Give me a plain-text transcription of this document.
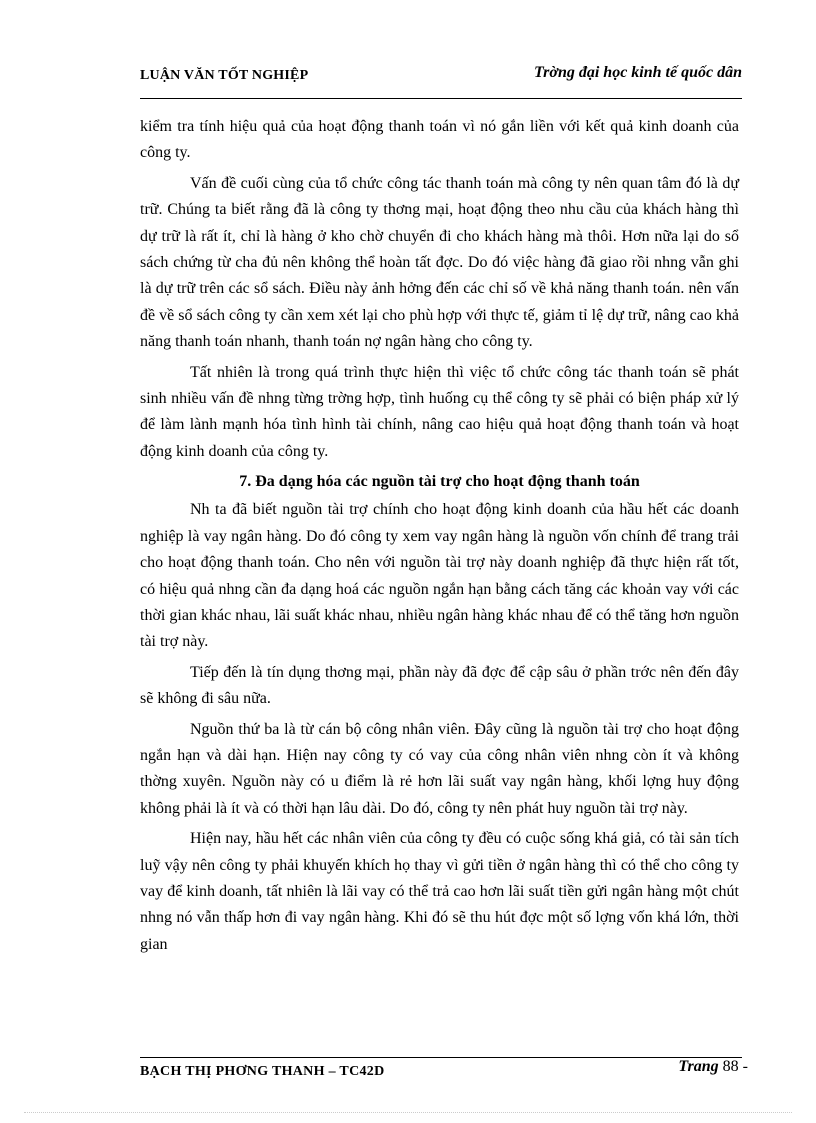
LUẬN VĂN TỐT NGHIỆP	Trờng đại học kinh tế quốc dân

kiểm tra tính hiệu quả của hoạt động thanh toán vì nó gắn liền với kết quả kinh doanh của công ty.

Vấn đề cuối cùng của tổ chức công tác thanh toán mà công ty nên quan tâm đó là dự trữ. Chúng ta biết rằng đã là công ty thơng mại, hoạt động theo nhu cầu của khách hàng thì dự trữ là rất ít, chỉ là hàng ở kho chờ chuyển đi cho khách hàng mà thôi. Hơn nữa lại do sổ sách chứng từ cha đủ nên không thể hoàn tất đợc. Do đó việc hàng đã giao rồi nhng vẫn ghi là dự trữ trên các sổ sách. Điều này ảnh hởng đến các chỉ số về khả năng thanh toán. nên vấn đề về sổ sách công ty cần xem xét lại cho phù hợp với thực tế, giảm tỉ lệ dự trữ, nâng cao khả năng thanh toán nhanh, thanh toán nợ ngân hàng cho công ty.

Tất nhiên là trong quá trình thực hiện thì việc tổ chức công tác thanh toán sẽ phát sinh nhiều vấn đề nhng từng trờng hợp, tình huống cụ thể công ty sẽ phải có biện pháp xử lý để làm lành mạnh hóa tình hình tài chính, nâng cao hiệu quả hoạt động thanh toán và hoạt động kinh doanh của công ty.

7. Đa dạng hóa các nguồn tài trợ cho hoạt động thanh toán

Nh ta đã biết nguồn tài trợ chính cho hoạt động kinh doanh của hầu hết các doanh nghiệp là vay ngân hàng. Do đó công ty xem vay ngân hàng là nguồn vốn chính để trang trải cho hoạt động thanh toán. Cho nên với nguồn tài trợ này doanh nghiệp đã thực hiện rất tốt, có hiệu quả nhng cần đa dạng hoá các nguồn ngắn hạn bằng cách tăng các khoản vay với các thời gian khác nhau, lãi suất khác nhau, nhiều ngân hàng khác nhau để có thể tăng hơn nguồn tài trợ này.

Tiếp đến là tín dụng thơng mại, phần này đã đợc để cập sâu ở phần trớc nên đến đây sẽ không đi sâu nữa.

Nguồn thứ ba là từ cán bộ công nhân viên. Đây cũng là nguồn tài trợ cho hoạt động ngắn hạn và dài hạn. Hiện nay công ty có vay của công nhân viên nhng còn ít và không thờng xuyên. Nguồn này có u điểm là rẻ hơn lãi suất vay ngân hàng, khối lợng huy động không phải là ít và có thời hạn lâu dài. Do đó, công ty nên phát huy nguồn tài trợ này.

Hiện nay, hầu hết các nhân viên của công ty đều có cuộc sống khá giả, có tài sản tích luỹ vậy nên công ty phải khuyến khích họ thay vì gửi tiền ở ngân hàng thì có thể cho công ty vay để kinh doanh, tất nhiên là lãi vay có thể trả cao hơn lãi suất tiền gửi ngân hàng một chút nhng nó vẫn thấp hơn đi vay ngân hàng. Khi đó sẽ thu hút đợc một số lợng vốn khá lớn, thời gian

BẠCH THỊ PHƠNG THANH – TC42D	Trang 88 -
